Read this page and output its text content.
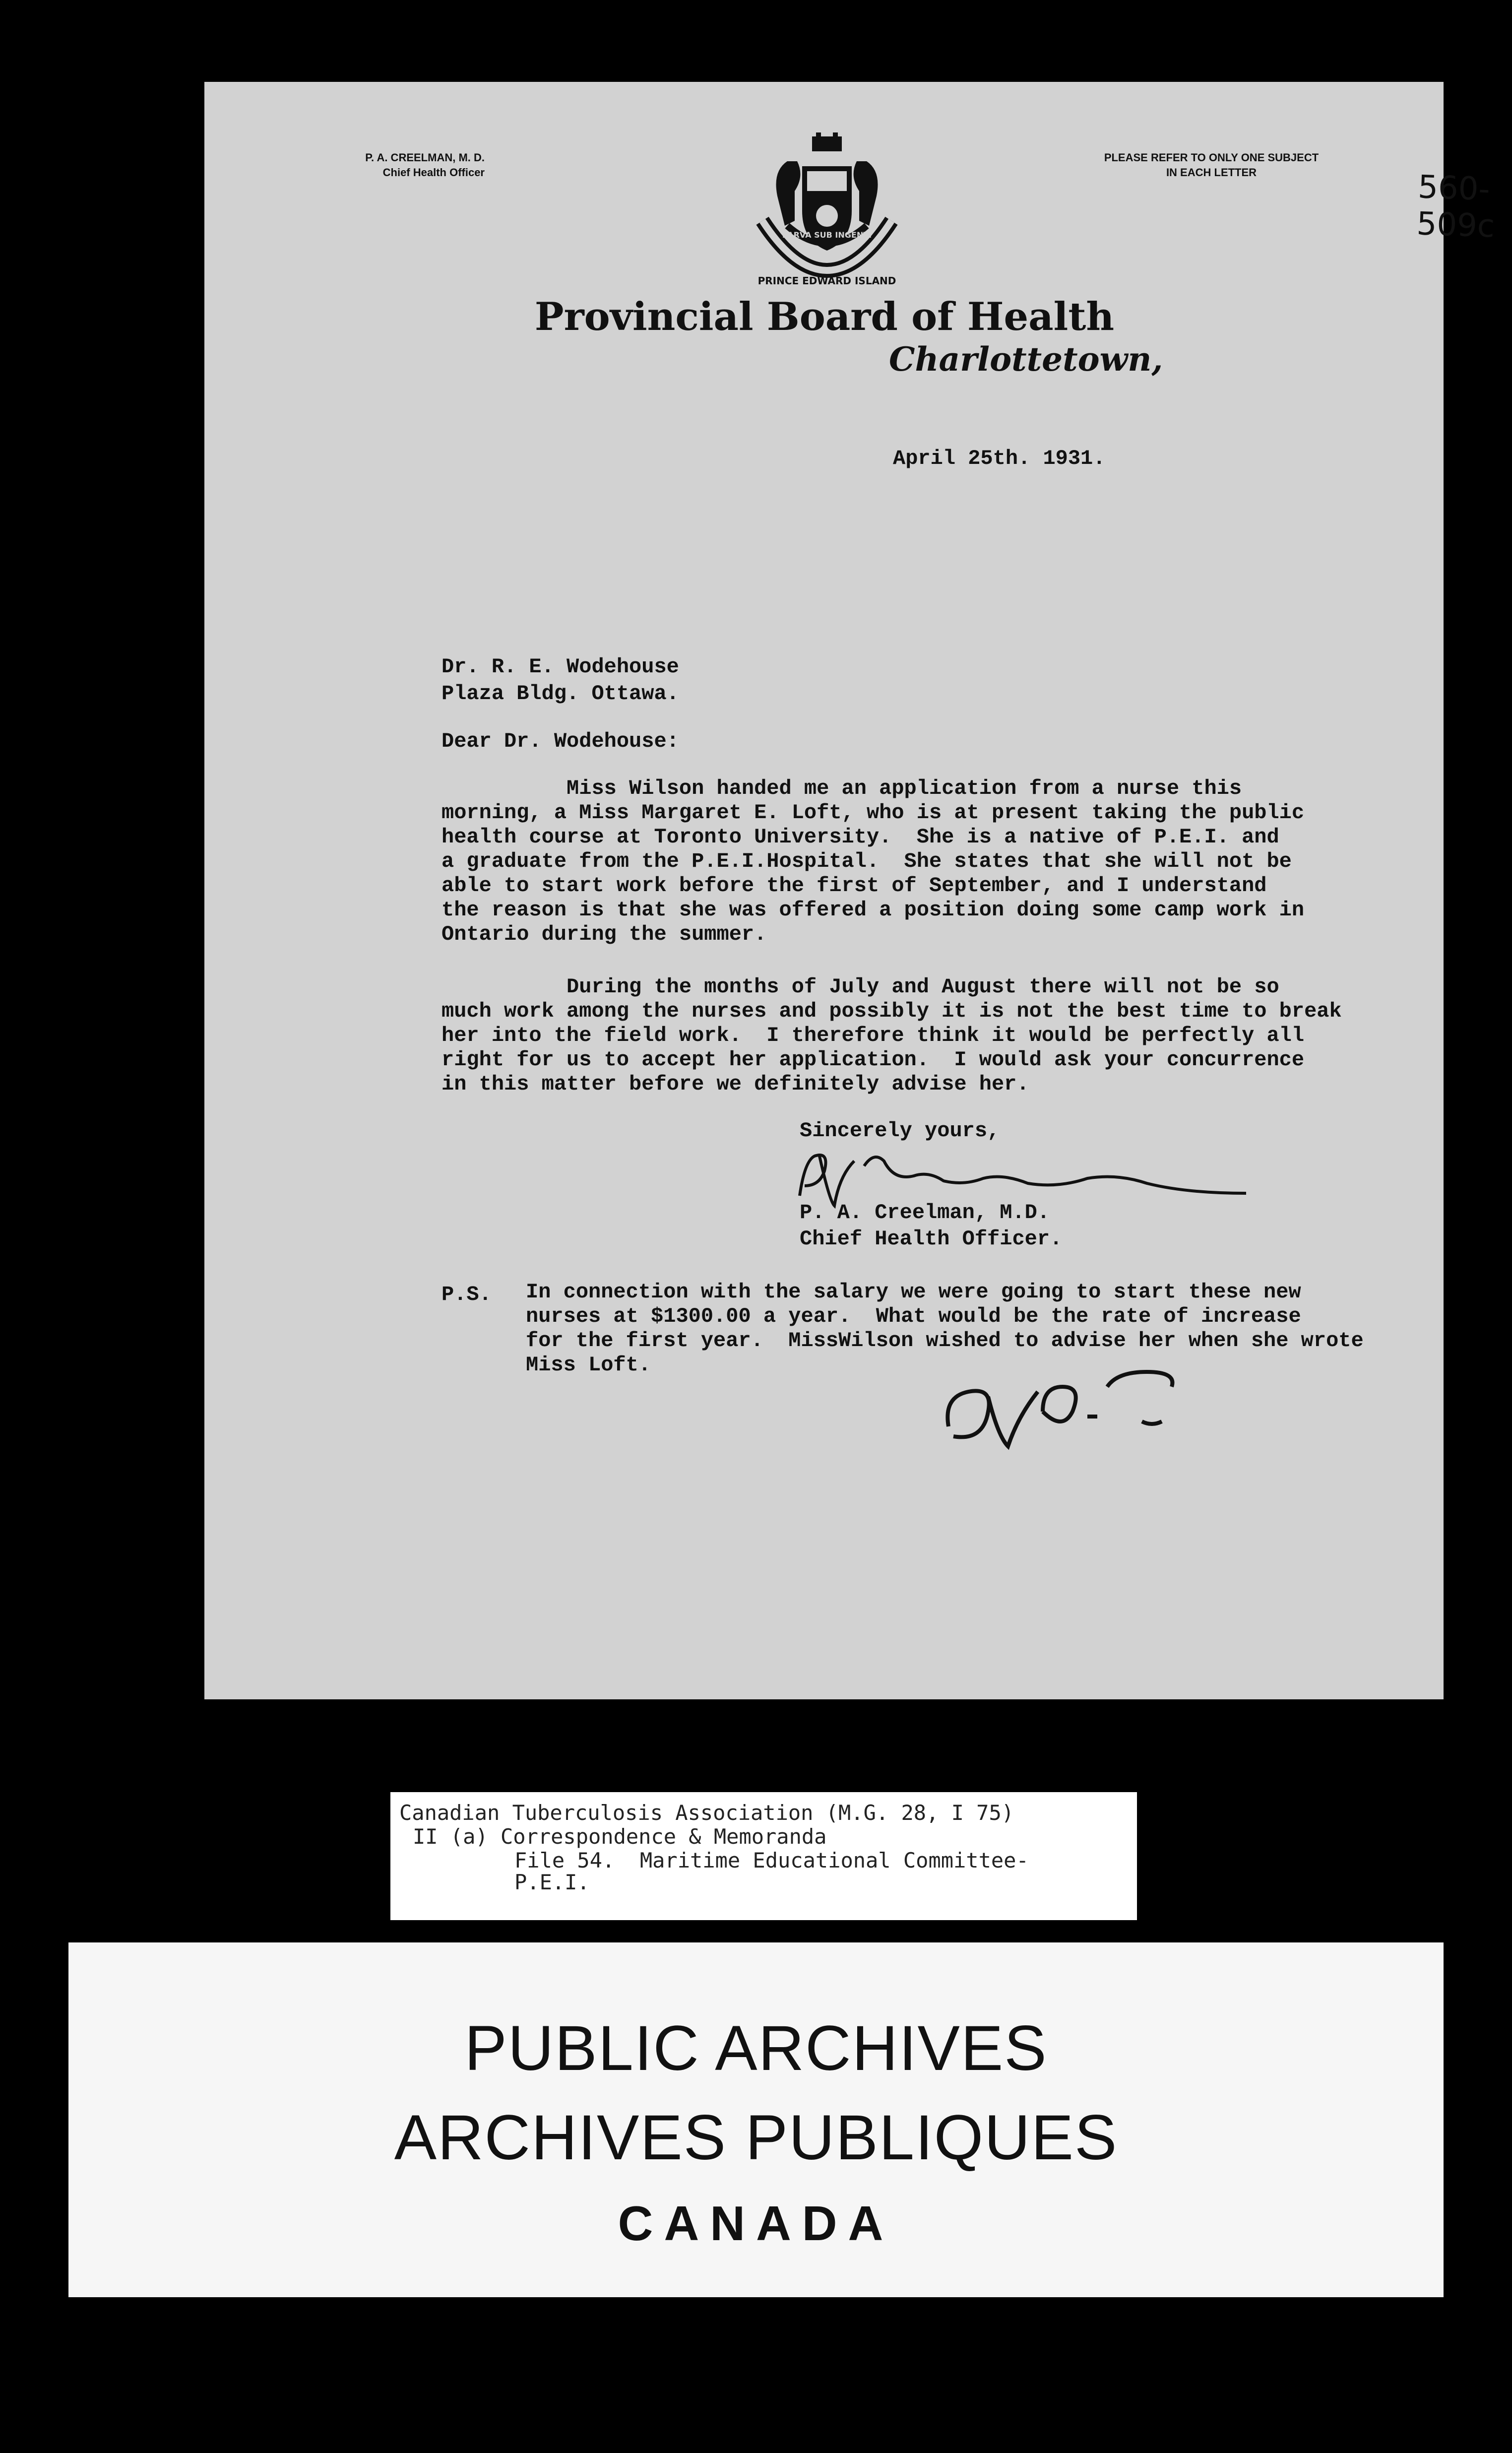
560-509c
P. A. CREELMAN, M. D.
Chief Health Officer
PLEASE REFER TO ONLY ONE SUBJECT
IN EACH LETTER
PARVA SUB INGENTI
PRINCE EDWARD ISLAND
Provincial Board of Health
Charlottetown,
April 25th. 1931.
Dr. R. E. Wodehouse
Plaza Bldg. Ottawa.
Dear Dr. Wodehouse:
Miss Wilson handed me an application from a nurse this
morning, a Miss Margaret E. Loft, who is at present taking the public
health course at Toronto University.  She is a native of P.E.I. and
a graduate from the P.E.I.Hospital.  She states that she will not be
able to start work before the first of September, and I understand
the reason is that she was offered a position doing some camp work in
Ontario during the summer.
During the months of July and August there will not be so
much work among the nurses and possibly it is not the best time to break
her into the field work.  I therefore think it would be perfectly all
right for us to accept her application.  I would ask your concurrence
in this matter before we definitely advise her.
Sincerely yours,
P. A. Creelman, M.D.
Chief Health Officer.
P.S. In connection with the salary we were going to start these new
nurses at $1300.00 a year.  What would be the rate of increase
for the first year.  MissWilson wished to advise her when she wrote
Miss Loft.
Canadian Tuberculosis Association (M.G. 28, I 75)
II (a) Correspondence & Memoranda
File 54.  Maritime Educational Committee-
P.E.I.
PUBLIC ARCHIVES
ARCHIVES PUBLIQUES
CANADA
